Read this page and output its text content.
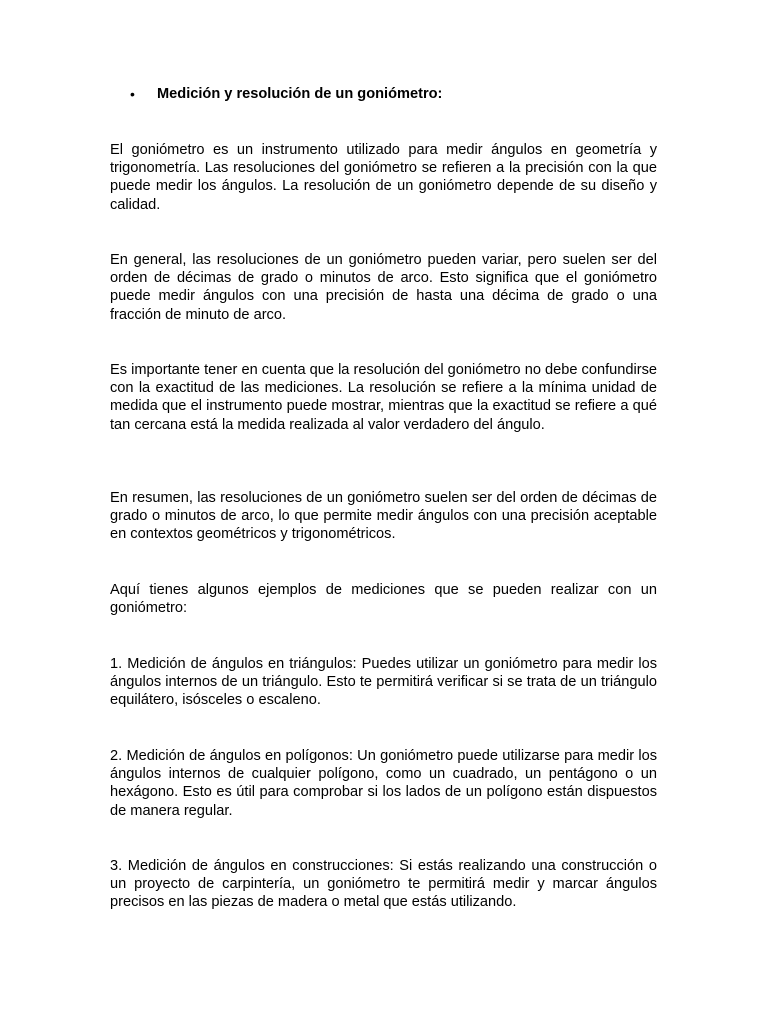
•	Medición y resolución de un goniómetro:

El goniómetro es un instrumento utilizado para medir ángulos en geometría y trigonometría. Las resoluciones del goniómetro se refieren a la precisión con la que puede medir los ángulos. La resolución de un goniómetro depende de su diseño y calidad.

En general, las resoluciones de un goniómetro pueden variar, pero suelen ser del orden de décimas de grado o minutos de arco. Esto significa que el goniómetro puede medir ángulos con una precisión de hasta una décima de grado o una fracción de minuto de arco.

Es importante tener en cuenta que la resolución del goniómetro no debe confundirse con la exactitud de las mediciones. La resolución se refiere a la mínima unidad de medida que el instrumento puede mostrar, mientras que la exactitud se refiere a qué tan cercana está la medida realizada al valor verdadero del ángulo.

En resumen, las resoluciones de un goniómetro suelen ser del orden de décimas de grado o minutos de arco, lo que permite medir ángulos con una precisión aceptable en contextos geométricos y trigonométricos.

Aquí tienes algunos ejemplos de mediciones que se pueden realizar con un goniómetro:

1. Medición de ángulos en triángulos: Puedes utilizar un goniómetro para medir los ángulos internos de un triángulo. Esto te permitirá verificar si se trata de un triángulo equilátero, isósceles o escaleno.

2. Medición de ángulos en polígonos: Un goniómetro puede utilizarse para medir los ángulos internos de cualquier polígono, como un cuadrado, un pentágono o un hexágono. Esto es útil para comprobar si los lados de un polígono están dispuestos de manera regular.

3. Medición de ángulos en construcciones: Si estás realizando una construcción o un proyecto de carpintería, un goniómetro te permitirá medir y marcar ángulos precisos en las piezas de madera o metal que estás utilizando.
